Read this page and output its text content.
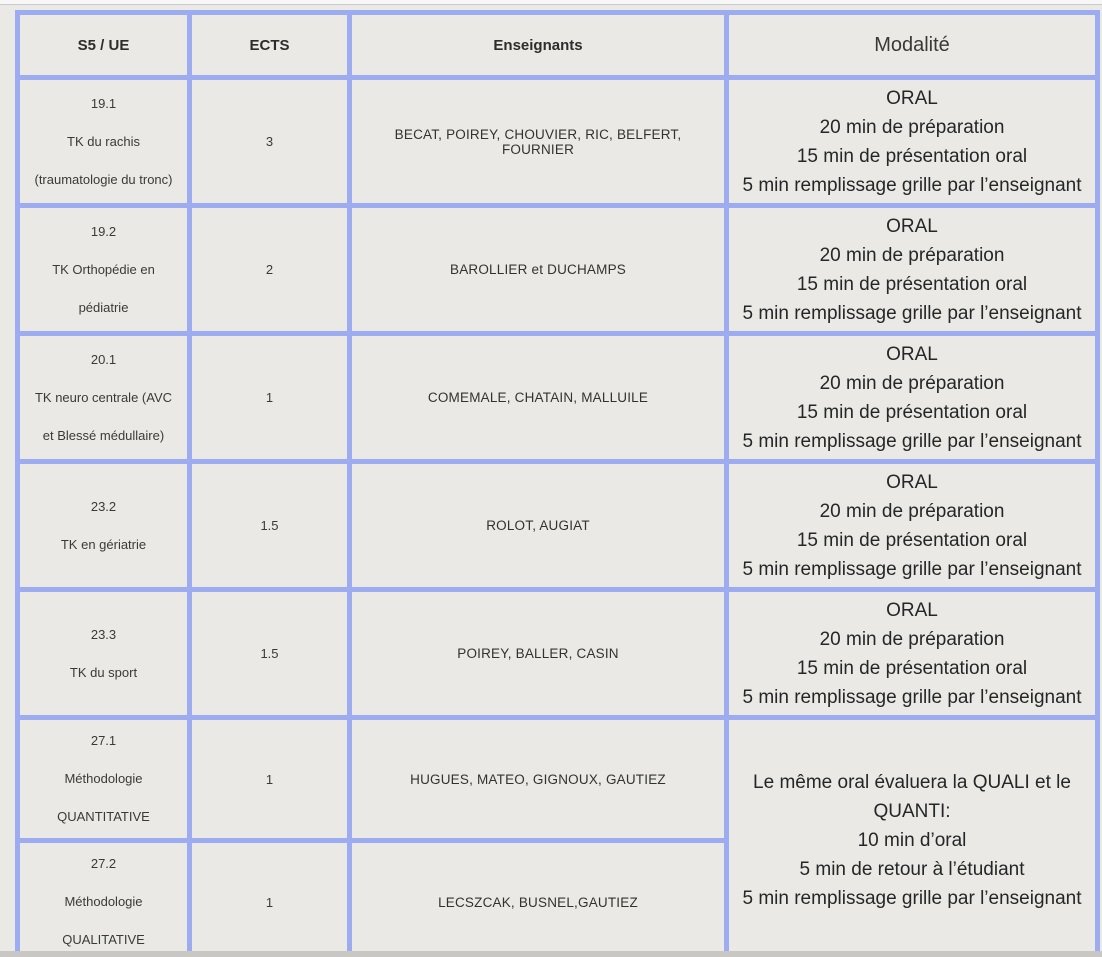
S5 / UE	ECTS	Enseignants	Modalité

19.1
TK du rachis
(traumatologie du tronc)
	3	BECAT, POIREY, CHOUVIER, RIC, BELFERT, FOURNIER	
ORAL
20 min de préparation
15 min de présentation oral
5 min remplissage grille par l’enseignant

19.2
TK Orthopédie en
pédiatrie
	2	BAROLLIER et DUCHAMPS	
ORAL
20 min de préparation
15 min de présentation oral
5 min remplissage grille par l’enseignant

20.1
TK neuro centrale (AVC
et Blessé médullaire)
	1	COMEMALE, CHATAIN, MALLUILE	
ORAL
20 min de préparation
15 min de présentation oral
5 min remplissage grille par l’enseignant

23.2
TK en gériatrie
	1.5	ROLOT, AUGIAT	
ORAL
20 min de préparation
15 min de présentation oral
5 min remplissage grille par l’enseignant

23.3
TK du sport
	1.5	POIREY, BALLER, CASIN	
ORAL
20 min de préparation
15 min de présentation oral
5 min remplissage grille par l’enseignant

27.1
Méthodologie
QUANTITATIVE
	1	HUGUES, MATEO, GIGNOUX, GAUTIEZ	Le même oral évaluera la QUALI et le QUANTI:
10 min d’oral
5 min de retour à l’étudiant
5 min remplissage grille par l’enseignant

27.2
Méthodologie
QUALITATIVE	1	LECSZCAK, BUSNEL,GAUTIEZ	
